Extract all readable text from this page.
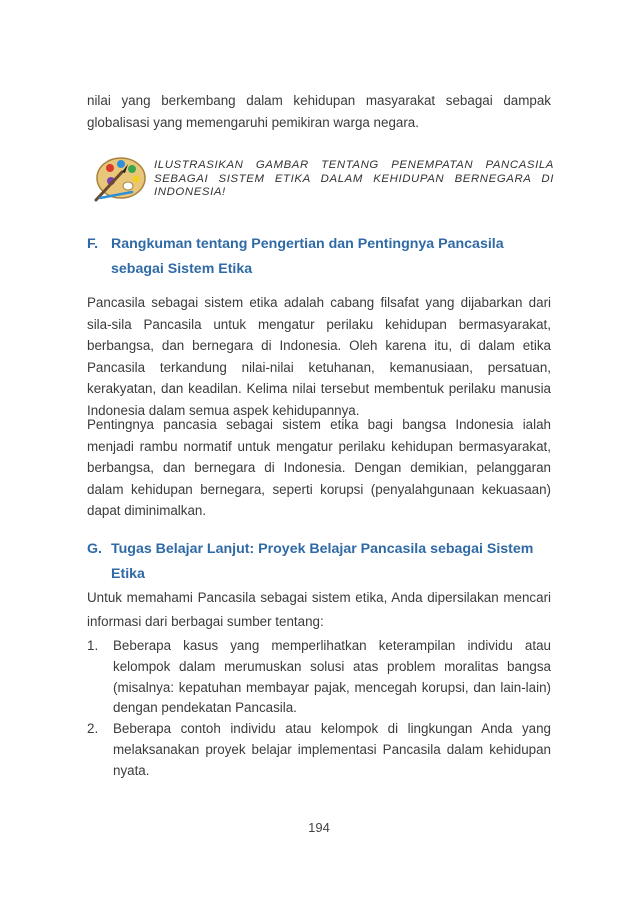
nilai yang berkembang dalam kehidupan masyarakat sebagai dampak globalisasi yang memengaruhi pemikiran warga negara.

ILUSTRASIKAN GAMBAR TENTANG PENEMPATAN PANCASILA SEBAGAI SISTEM ETIKA DALAM KEHIDUPAN BERNEGARA DI INDONESIA!

F. Rangkuman tentang Pengertian dan Pentingnya Pancasila sebagai Sistem Etika

Pancasila sebagai sistem etika adalah cabang filsafat yang dijabarkan dari sila-sila Pancasila untuk mengatur perilaku kehidupan bermasyarakat, berbangsa, dan bernegara di Indonesia. Oleh karena itu, di dalam etika Pancasila terkandung nilai-nilai ketuhanan, kemanusiaan, persatuan, kerakyatan, dan keadilan. Kelima nilai tersebut membentuk perilaku manusia Indonesia dalam semua aspek kehidupannya.

Pentingnya pancasia sebagai sistem etika bagi bangsa Indonesia ialah menjadi rambu normatif untuk mengatur perilaku kehidupan bermasyarakat, berbangsa, dan bernegara di Indonesia. Dengan demikian, pelanggaran dalam kehidupan bernegara, seperti korupsi (penyalahgunaan kekuasaan) dapat diminimalkan.

G. Tugas Belajar Lanjut: Proyek Belajar Pancasila sebagai Sistem Etika

Untuk memahami Pancasila sebagai sistem etika, Anda dipersilakan mencari informasi dari berbagai sumber tentang:

1. Beberapa kasus yang memperlihatkan keterampilan individu atau kelompok dalam merumuskan solusi atas problem moralitas bangsa (misalnya: kepatuhan membayar pajak, mencegah korupsi, dan lain-lain) dengan pendekatan Pancasila.
2. Beberapa contoh individu atau kelompok di lingkungan Anda yang melaksanakan proyek belajar implementasi Pancasila dalam kehidupan nyata.
194
